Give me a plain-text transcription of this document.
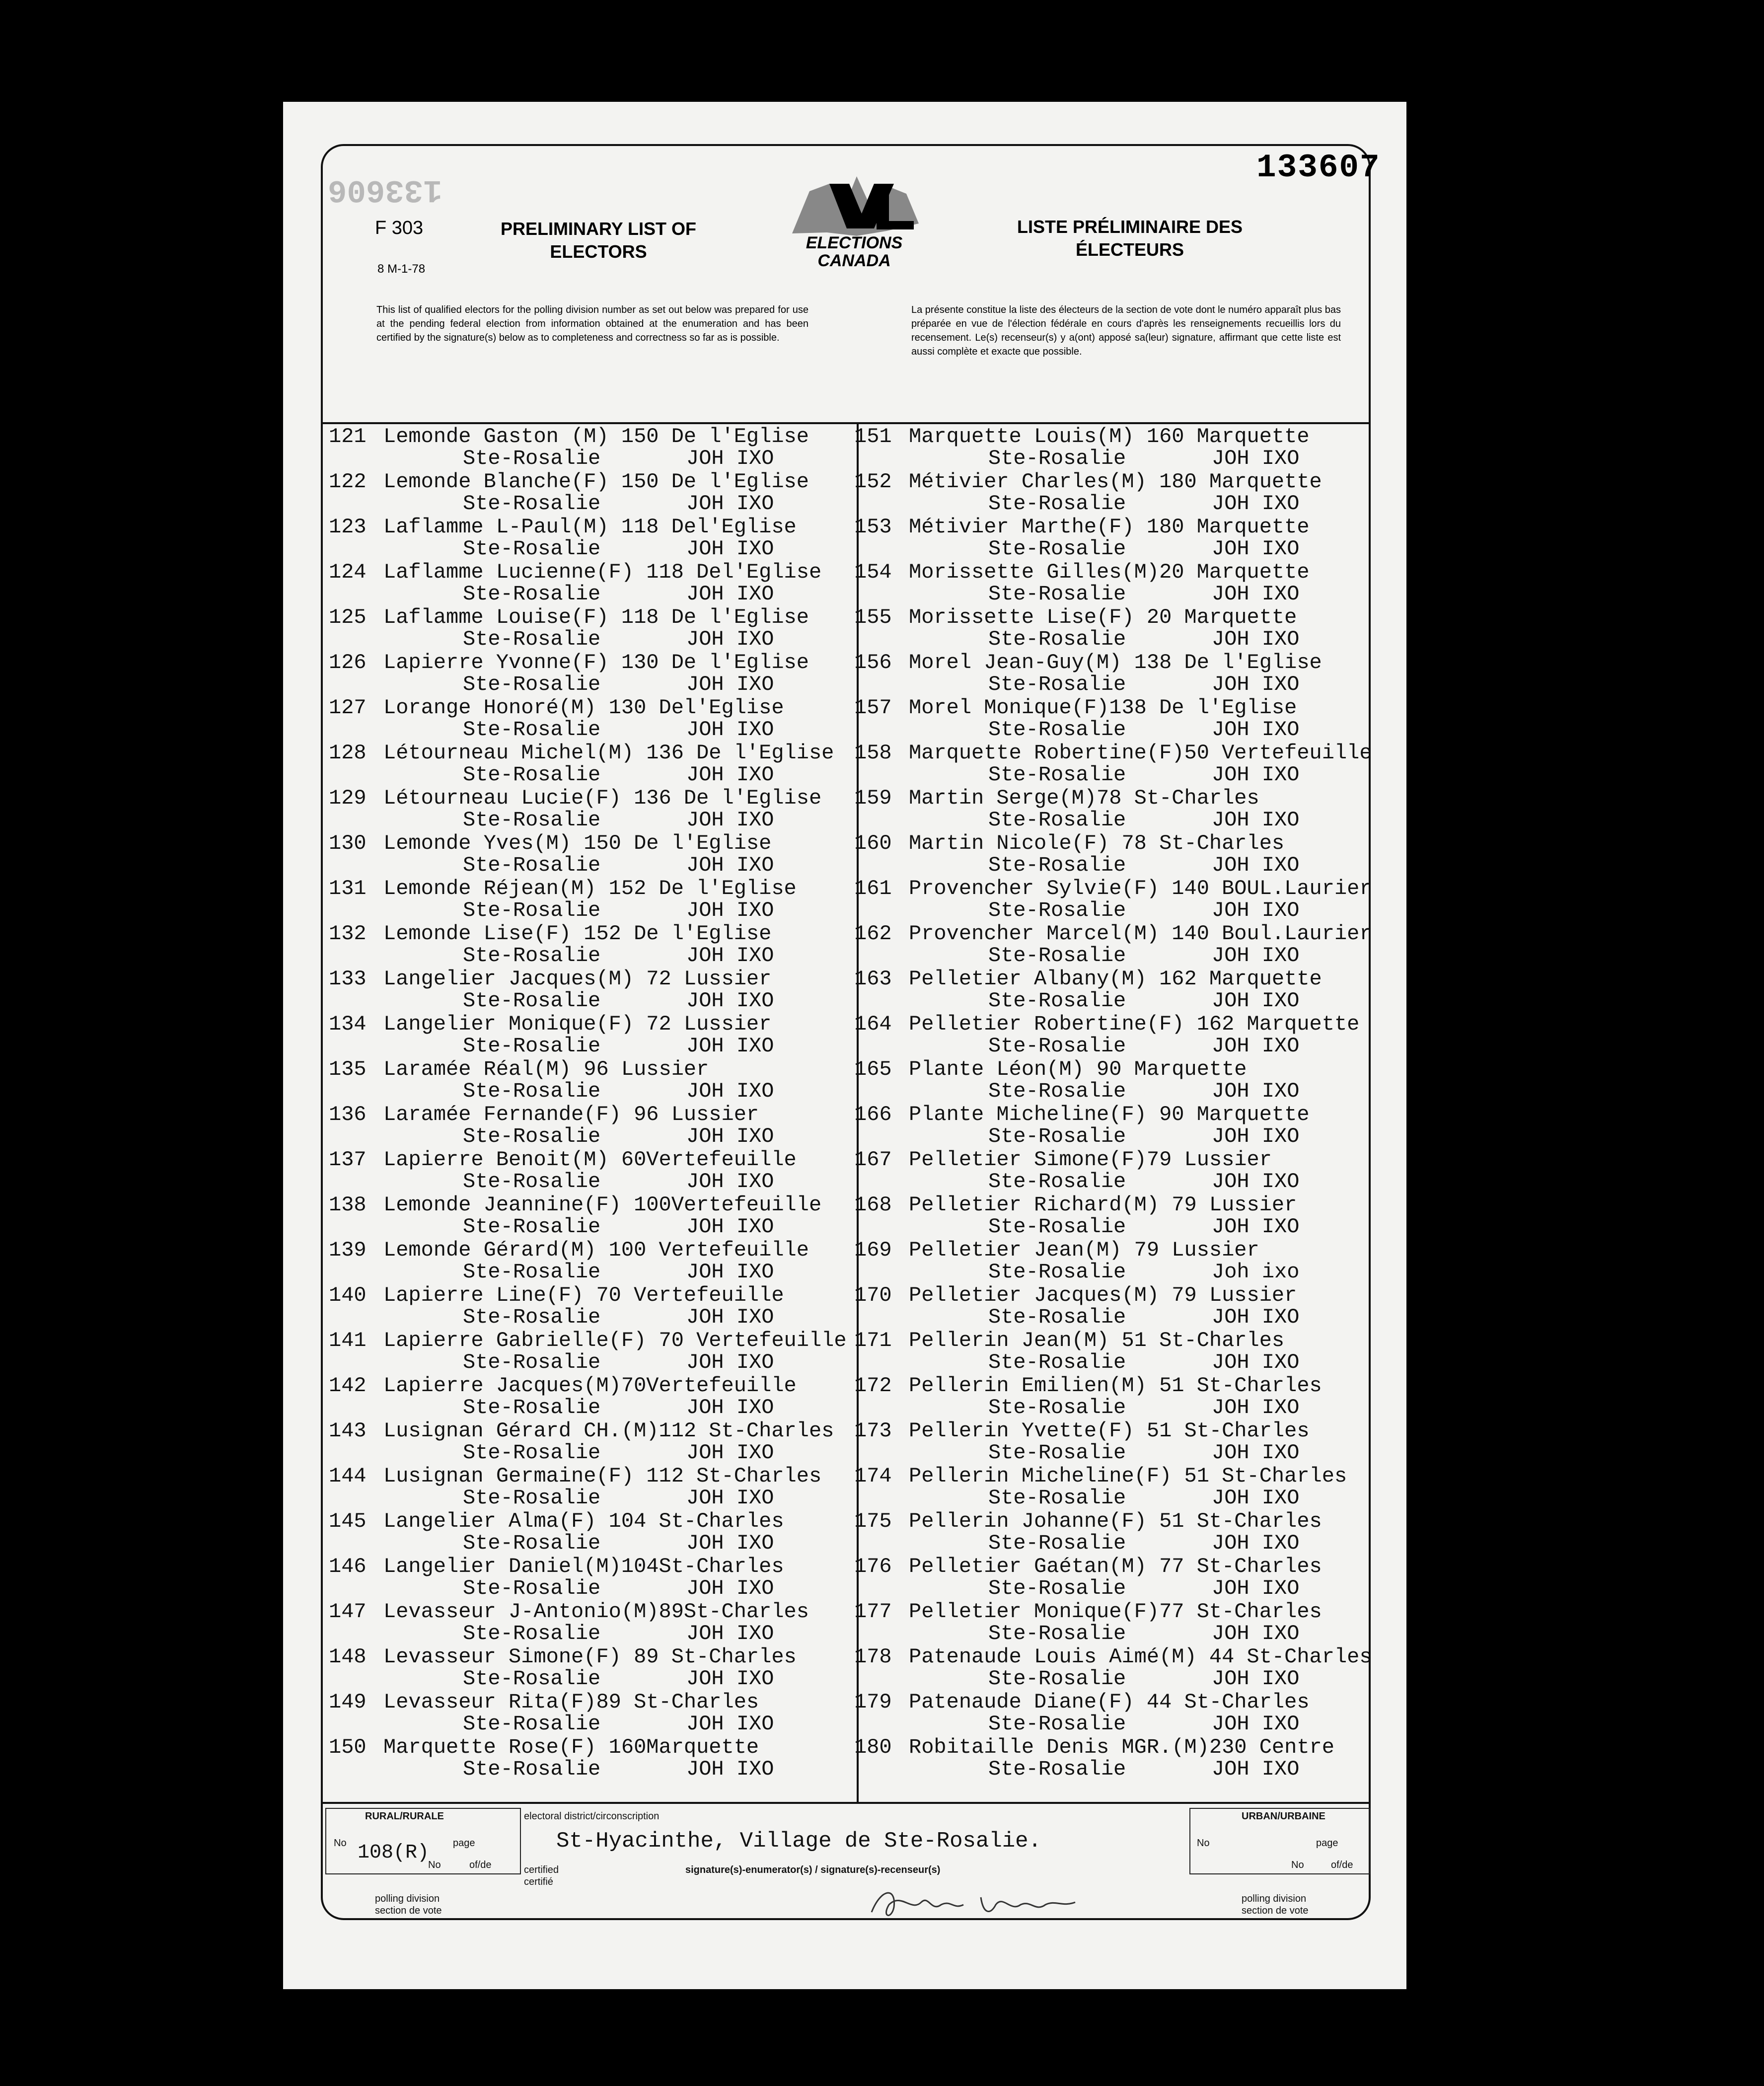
133606
133607
F 303
8 M-1-78
PRELIMINARY LIST OF ELECTORS
LISTE PRÉLIMINAIRE DES ÉLECTEURS
ELECTIONS
CANADA
This list of qualified electors for the polling division number as set out below was prepared for use at the pending federal election from information obtained at the enumeration and has been certified by the signature(s) below as to completeness and correctness so far as is possible.
La présente constitue la liste des électeurs de la section de vote dont le numéro apparaît plus bas préparée en vue de l'élection fédérale en cours d'après les renseignements recueillis lors du recensement. Le(s) recenseur(s) y a(ont) apposé sa(leur) signature, affirmant que cette liste est aussi complète et exacte que possible.
121 Lemonde Gaston (M) 150 De l'Eglise
Ste-Rosalie	JOH IXO
122 Lemonde Blanche(F) 150 De l'Eglise
Ste-Rosalie	JOH IXO
123 Laflamme L-Paul(M) 118 Del'Eglise
Ste-Rosalie	JOH IXO
124 Laflamme Lucienne(F) 118 Del'Eglise
Ste-Rosalie	JOH IXO
125 Laflamme Louise(F) 118 De l'Eglise
Ste-Rosalie	JOH IXO
126 Lapierre Yvonne(F) 130 De l'Eglise
Ste-Rosalie	JOH IXO
127 Lorange Honoré(M) 130 Del'Eglise
Ste-Rosalie	JOH IXO
128 Létourneau Michel(M) 136 De l'Eglise
Ste-Rosalie	JOH IXO
129 Létourneau Lucie(F) 136 De l'Eglise
Ste-Rosalie	JOH IXO
130 Lemonde Yves(M) 150 De l'Eglise
Ste-Rosalie	JOH IXO
131 Lemonde Réjean(M) 152 De l'Eglise
Ste-Rosalie	JOH IXO
132 Lemonde Lise(F) 152 De l'Eglise
Ste-Rosalie	JOH IXO
133 Langelier Jacques(M) 72 Lussier
Ste-Rosalie	JOH IXO
134 Langelier Monique(F) 72 Lussier
Ste-Rosalie	JOH IXO
135 Laramée Réal(M) 96 Lussier
Ste-Rosalie	JOH IXO
136 Laramée Fernande(F) 96 Lussier
Ste-Rosalie	JOH IXO
137 Lapierre Benoit(M) 60Vertefeuille
Ste-Rosalie	JOH IXO
138 Lemonde Jeannine(F) 100Vertefeuille
Ste-Rosalie	JOH IXO
139 Lemonde Gérard(M) 100 Vertefeuille
Ste-Rosalie	JOH IXO
140 Lapierre Line(F) 70 Vertefeuille
Ste-Rosalie	JOH IXO
141 Lapierre Gabrielle(F) 70 Vertefeuille
Ste-Rosalie	JOH IXO
142 Lapierre Jacques(M)70Vertefeuille
Ste-Rosalie	JOH IXO
143 Lusignan Gérard CH.(M)112 St-Charles
Ste-Rosalie	JOH IXO
144 Lusignan Germaine(F) 112 St-Charles
Ste-Rosalie	JOH IXO
145 Langelier Alma(F) 104 St-Charles
Ste-Rosalie	JOH IXO
146 Langelier Daniel(M)104St-Charles
Ste-Rosalie	JOH IXO
147 Levasseur J-Antonio(M)89St-Charles
Ste-Rosalie	JOH IXO
148 Levasseur Simone(F) 89 St-Charles
Ste-Rosalie	JOH IXO
149 Levasseur Rita(F)89 St-Charles
Ste-Rosalie	JOH IXO
150 Marquette Rose(F) 160Marquette
Ste-Rosalie	JOH IXO
151 Marquette Louis(M) 160 Marquette
Ste-Rosalie	JOH IXO
152 Métivier Charles(M) 180 Marquette
Ste-Rosalie	JOH IXO
153 Métivier Marthe(F) 180 Marquette
Ste-Rosalie	JOH IXO
154 Morissette Gilles(M)20 Marquette
Ste-Rosalie	JOH IXO
155 Morissette Lise(F) 20 Marquette
Ste-Rosalie	JOH IXO
156 Morel Jean-Guy(M) 138 De l'Eglise
Ste-Rosalie	JOH IXO
157 Morel Monique(F)138 De l'Eglise
Ste-Rosalie	JOH IXO
158 Marquette Robertine(F)50 Vertefeuille
Ste-Rosalie	JOH IXO
159 Martin Serge(M)78 St-Charles
Ste-Rosalie	JOH IXO
160 Martin Nicole(F) 78 St-Charles
Ste-Rosalie	JOH IXO
161 Provencher Sylvie(F) 140 BOUL.Laurier
Ste-Rosalie	JOH IXO
162 Provencher Marcel(M) 140 Boul.Laurier
Ste-Rosalie	JOH IXO
163 Pelletier Albany(M) 162 Marquette
Ste-Rosalie	JOH IXO
164 Pelletier Robertine(F) 162 Marquette
Ste-Rosalie	JOH IXO
165 Plante Léon(M) 90 Marquette
Ste-Rosalie	JOH IXO
166 Plante Micheline(F) 90 Marquette
Ste-Rosalie	JOH IXO
167 Pelletier Simone(F)79 Lussier
Ste-Rosalie	JOH IXO
168 Pelletier Richard(M) 79 Lussier
Ste-Rosalie	JOH IXO
169 Pelletier Jean(M) 79 Lussier
Ste-Rosalie	Joh ixo
170 Pelletier Jacques(M) 79 Lussier
Ste-Rosalie	JOH IXO
171 Pellerin Jean(M) 51 St-Charles
Ste-Rosalie	JOH IXO
172 Pellerin Emilien(M) 51 St-Charles
Ste-Rosalie	JOH IXO
173 Pellerin Yvette(F) 51 St-Charles
Ste-Rosalie	JOH IXO
174 Pellerin Micheline(F) 51 St-Charles
Ste-Rosalie	JOH IXO
175 Pellerin Johanne(F) 51 St-Charles
Ste-Rosalie	JOH IXO
176 Pelletier Gaétan(M) 77 St-Charles
Ste-Rosalie	JOH IXO
177 Pelletier Monique(F)77 St-Charles
Ste-Rosalie	JOH IXO
178 Patenaude Louis Aimé(M) 44 St-Charles
Ste-Rosalie	JOH IXO
179 Patenaude Diane(F) 44 St-Charles
Ste-Rosalie	JOH IXO
180 Robitaille Denis MGR.(M)230 Centre
Ste-Rosalie	JOH IXO
RURAL/RURALE
No 108(R) page
No	of/de
electoral district/circonscription
St-Hyacinthe, Village de Ste-Rosalie.
certified
certifié
signature(s)-enumerator(s) / signature(s)-recenseur(s)
polling division
section de vote
URBAN/URBAINE
No	page
No	of/de
polling division
section de vote
